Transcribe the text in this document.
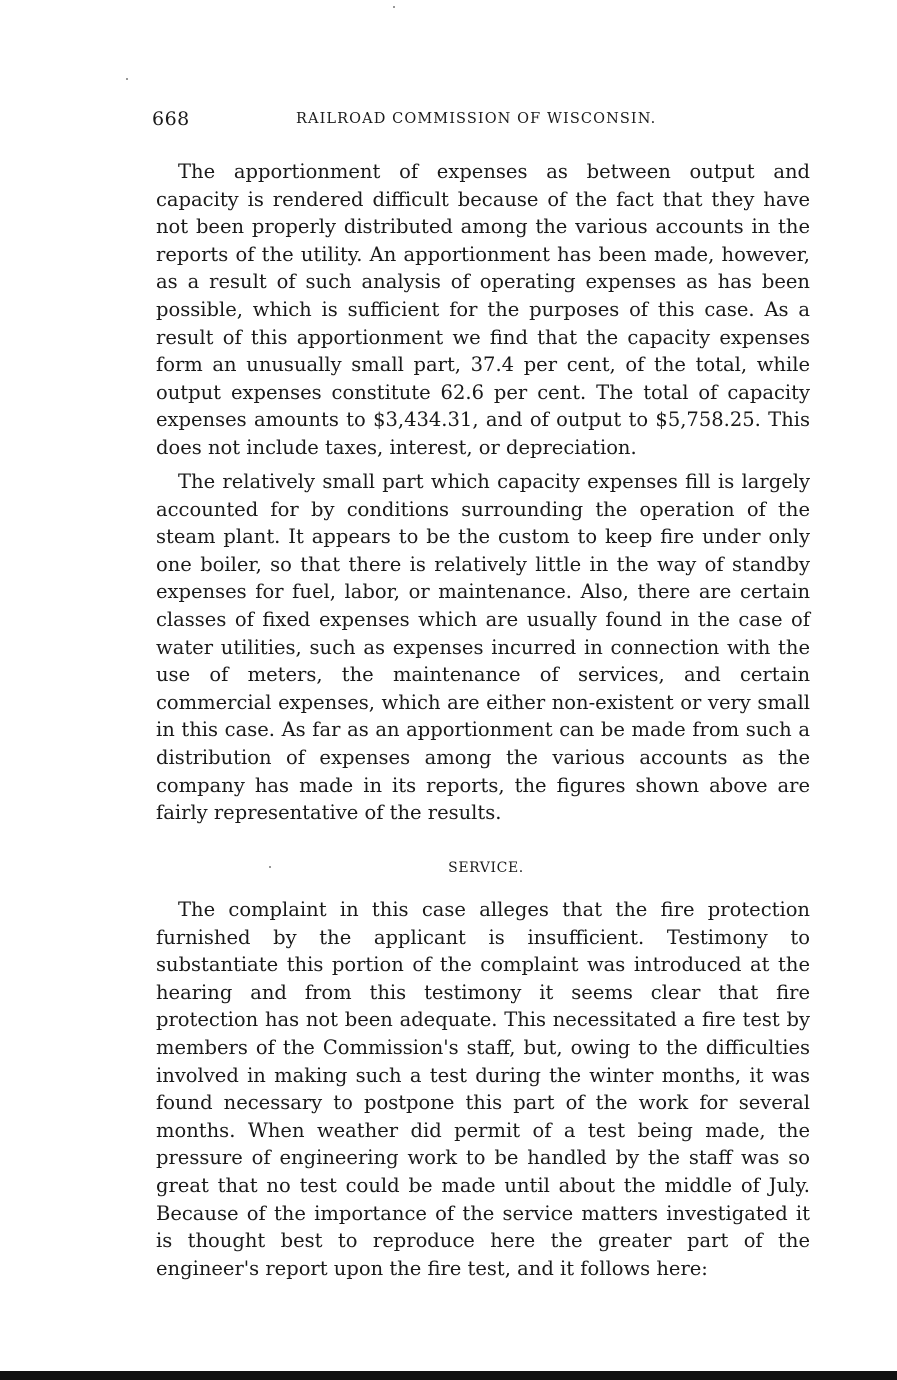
668	RAILROAD COMMISSION OF WISCONSIN.

The apportionment of expenses as between output and capacity is rendered difficult because of the fact that they have not been properly distributed among the various accounts in the reports of the utility. An apportionment has been made, however, as a result of such analysis of operating expenses as has been possible, which is sufficient for the purposes of this case. As a result of this apportionment we find that the capacity expenses form an unusually small part, 37.4 per cent, of the total, while output expenses constitute 62.6 per cent. The total of capacity expenses amounts to $3,434.31, and of output to $5,758.25. This does not include taxes, interest, or depreciation.

The relatively small part which capacity expenses fill is largely accounted for by conditions surrounding the operation of the steam plant. It appears to be the custom to keep fire under only one boiler, so that there is relatively little in the way of standby expenses for fuel, labor, or maintenance. Also, there are certain classes of fixed expenses which are usually found in the case of water utilities, such as expenses incurred in connection with the use of meters, the maintenance of services, and certain commercial expenses, which are either non-existent or very small in this case. As far as an apportionment can be made from such a distribution of expenses among the various accounts as the company has made in its reports, the figures shown above are fairly representative of the results.

SERVICE.

The complaint in this case alleges that the fire protection furnished by the applicant is insufficient. Testimony to substantiate this portion of the complaint was introduced at the hearing and from this testimony it seems clear that fire protection has not been adequate. This necessitated a fire test by members of the Commission's staff, but, owing to the difficulties involved in making such a test during the winter months, it was found necessary to postpone this part of the work for several months. When weather did permit of a test being made, the pressure of engineering work to be handled by the staff was so great that no test could be made until about the middle of July. Because of the importance of the service matters investigated it is thought best to reproduce here the greater part of the engineer's report upon the fire test, and it follows here:
